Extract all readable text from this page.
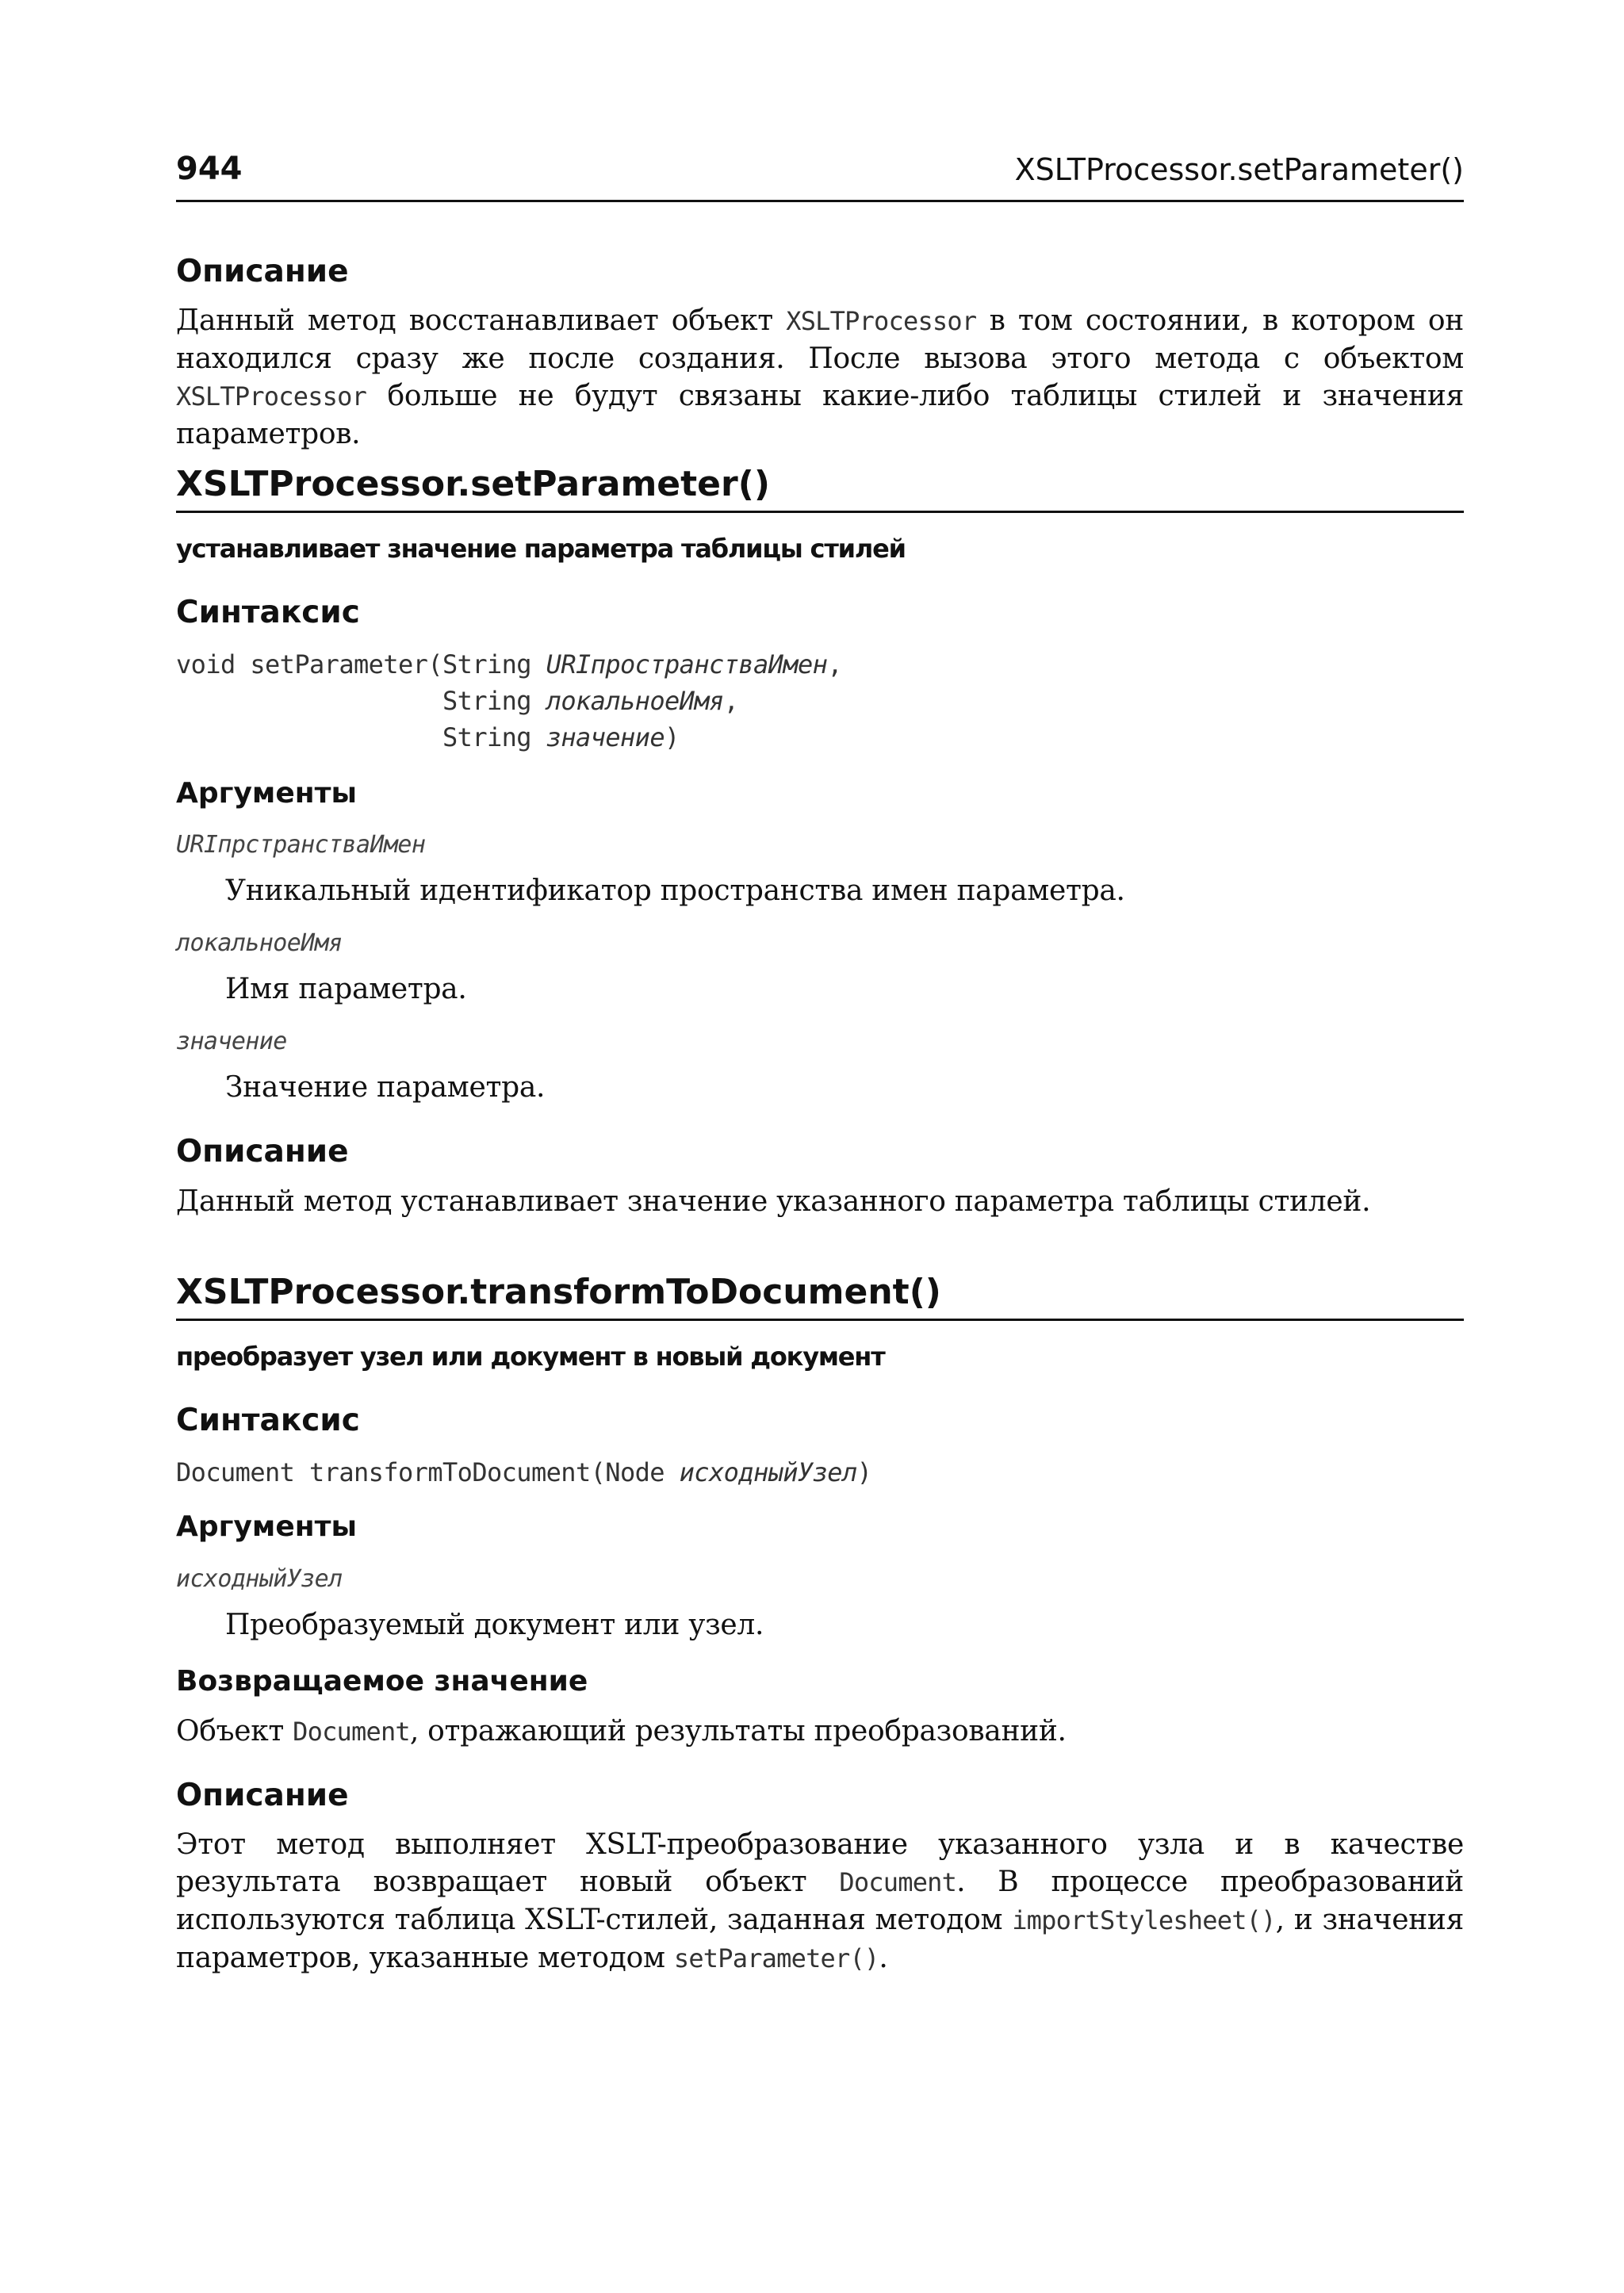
944	XSLTProcessor.setParameter()
Описание

Данный метод восстанавливает объект XSLTProcessor в том состоянии, в котором он находился сразу же после создания. После вызова этого метода с объектом XSLTProcessor больше не будут связаны какие-либо таблицы стилей и значения параметров.

XSLTProcessor.setParameter()

устанавливает значение параметра таблицы стилей

Синтаксис
void setParameter(String URIпространстваИмен,
String локальноеИмя,
String значение)
Аргументы

URIпрстранстваИмен

Уникальный идентификатор пространства имен параметра.

локальноеИмя

Имя параметра.

значение

Значение параметра.

Описание

Данный метод устанавливает значение указанного параметра таблицы стилей.

XSLTProcessor.transformToDocument()

преобразует узел или документ в новый документ

Синтаксис
Document transformToDocument(Node исходныйУзел)
Аргументы

исходныйУзел

Преобразуемый документ или узел.

Возвращаемое значение

Объект Document, отражающий результаты преобразований.

Описание

Этот метод выполняет XSLT-преобразование указанного узла и в качестве результата возвращает новый объект Document. В процессе преобразований используются таблица XSLT-стилей, заданная методом importStylesheet(), и значения параметров, указанные методом setParameter().
